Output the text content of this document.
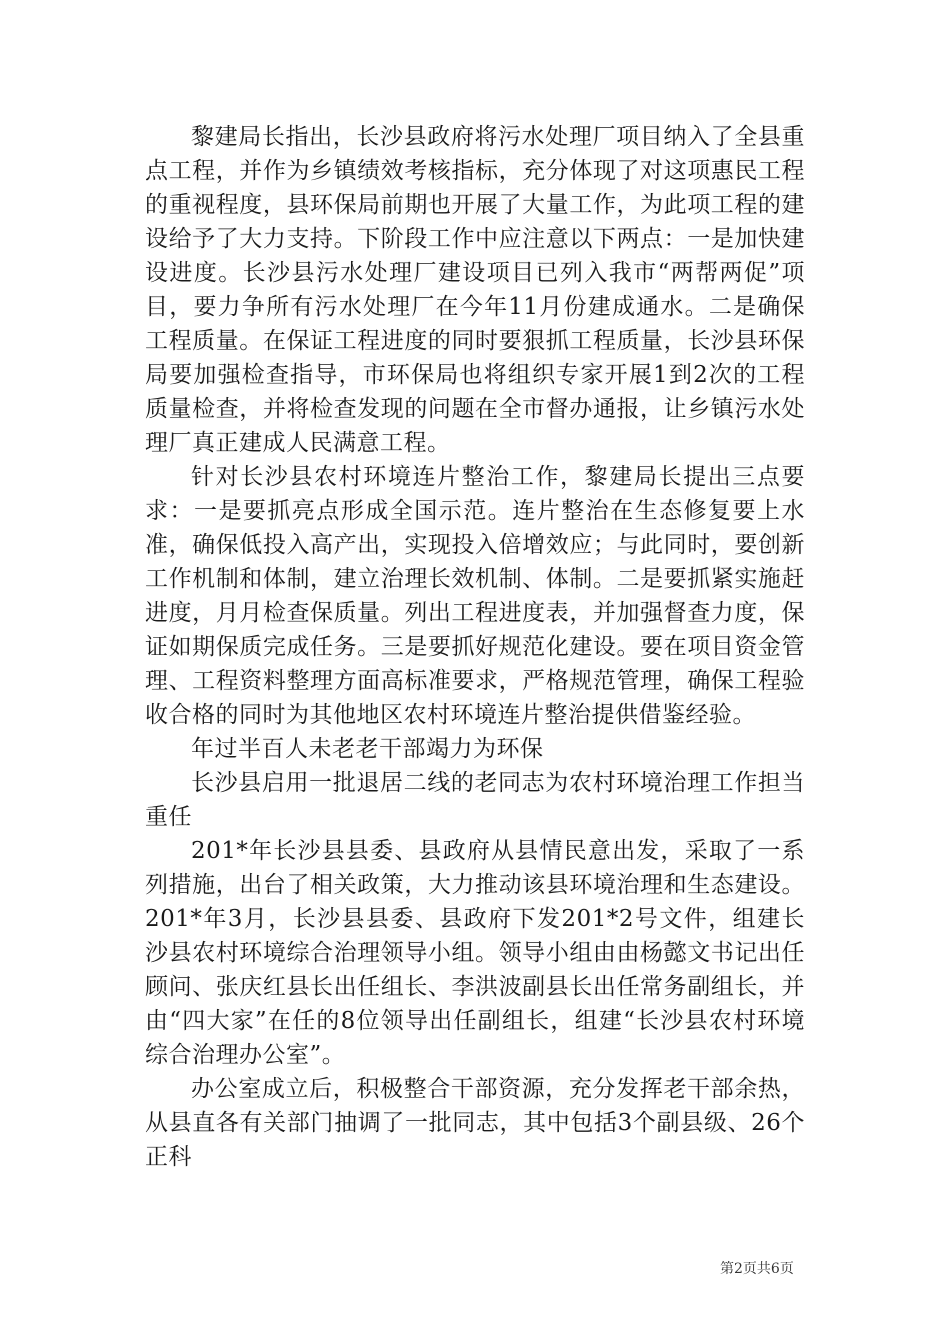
黎建局长指出，长沙县政府将污水处理厂项目纳入了全县重点工程，并作为乡镇绩效考核指标，充分体现了对这项惠民工程的重视程度，县环保局前期也开展了大量工作，为此项工程的建设给予了大力支持。下阶段工作中应注意以下两点：一是加快建设进度。长沙县污水处理厂建设项目已列入我市“两帮两促”项目，要力争所有污水处理厂在今年11月份建成通水。二是确保工程质量。在保证工程进度的同时要狠抓工程质量，长沙县环保局要加强检查指导，市环保局也将组织专家开展1到2次的工程质量检查，并将检查发现的问题在全市督办通报，让乡镇污水处理厂真正建成人民满意工程。

针对长沙县农村环境连片整治工作，黎建局长提出三点要求：一是要抓亮点形成全国示范。连片整治在生态修复要上水准，确保低投入高产出，实现投入倍增效应；与此同时，要创新工作机制和体制，建立治理长效机制、体制。二是要抓紧实施赶进度，月月检查保质量。列出工程进度表，并加强督查力度，保证如期保质完成任务。三是要抓好规范化建设。要在项目资金管理、工程资料整理方面高标准要求，严格规范管理，确保工程验收合格的同时为其他地区农村环境连片整治提供借鉴经验。

年过半百人未老老干部竭力为环保

长沙县启用一批退居二线的老同志为农村环境治理工作担当重任

201*年长沙县县委、县政府从县情民意出发，采取了一系列措施，出台了相关政策，大力推动该县环境治理和生态建设。201*年3月，长沙县县委、县政府下发201*2号文件，组建长沙县农村环境综合治理领导小组。领导小组由由杨懿文书记出任顾问、张庆红县长出任组长、李洪波副县长出任常务副组长，并由“四大家”在任的8位领导出任副组长，组建“长沙县农村环境综合治理办公室”。

办公室成立后，积极整合干部资源，充分发挥老干部余热，从县直各有关部门抽调了一批同志，其中包括3个副县级、26个正科

第2页共6页
